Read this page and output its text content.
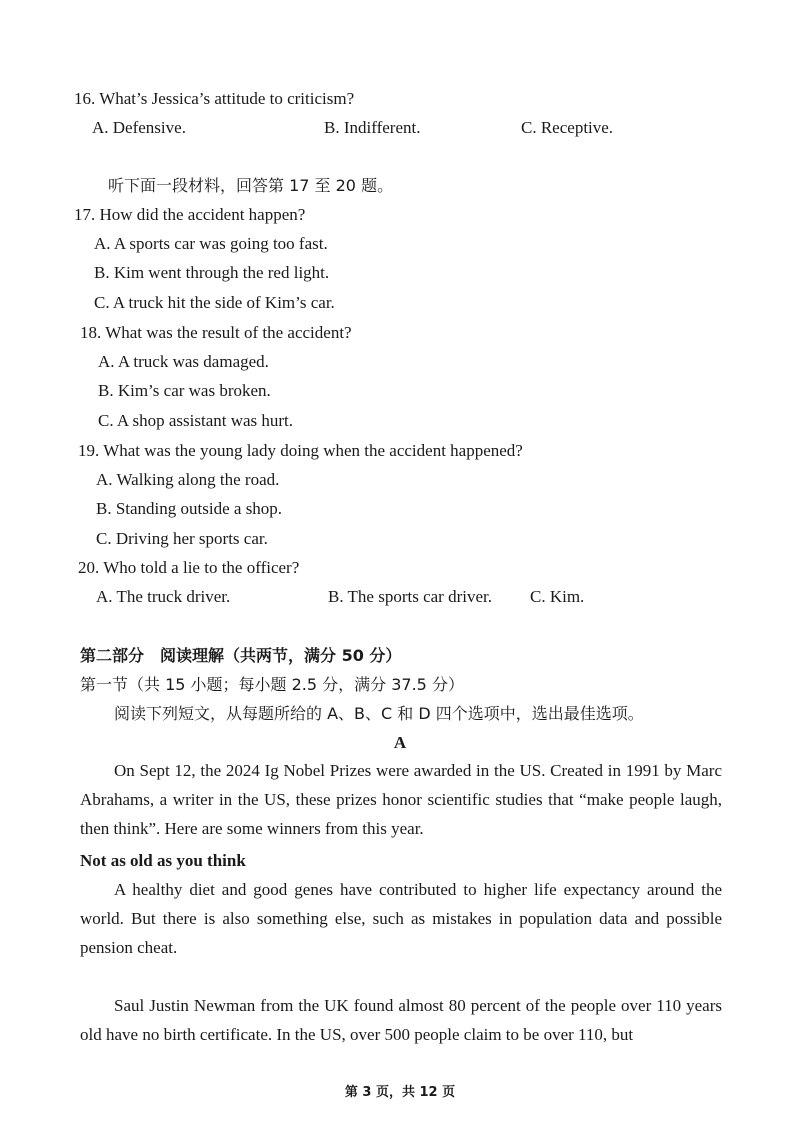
16. What’s Jessica’s attitude to criticism?
A. Defensive.	B. Indifferent.	C. Receptive.
听下面一段材料，回答第 17 至 20 题。
17. How did the accident happen?
A. A sports car was going too fast.
B. Kim went through the red light.
C. A truck hit the side of Kim’s car.
18. What was the result of the accident?
A. A truck was damaged.
B. Kim’s car was broken.
C. A shop assistant was hurt.
19. What was the young lady doing when the accident happened?
A. Walking along the road.
B. Standing outside a shop.
C. Driving her sports car.
20. Who told a lie to the officer?
A. The truck driver.	B. The sports car driver. C. Kim.
第二部分　阅读理解（共两节，满分 50 分）
第一节（共 15 小题；每小题 2.5 分，满分 37.5 分）
阅读下列短文，从每题所给的 A、B、C 和 D 四个选项中，选出最佳选项。
A
On Sept 12, the 2024 Ig Nobel Prizes were awarded in the US. Created in 1991 by Marc Abrahams, a writer in the US, these prizes honor scientific studies that “make people laugh, then think”. Here are some winners from this year.
Not as old as you think
A healthy diet and good genes have contributed to higher life expectancy around the world. But there is also something else, such as mistakes in population data and possible pension cheat.
Saul Justin Newman from the UK found almost 80 percent of the people over 110 years old have no birth certificate. In the US, over 500 people claim to be over 110, but
第 3 页，共 12 页
